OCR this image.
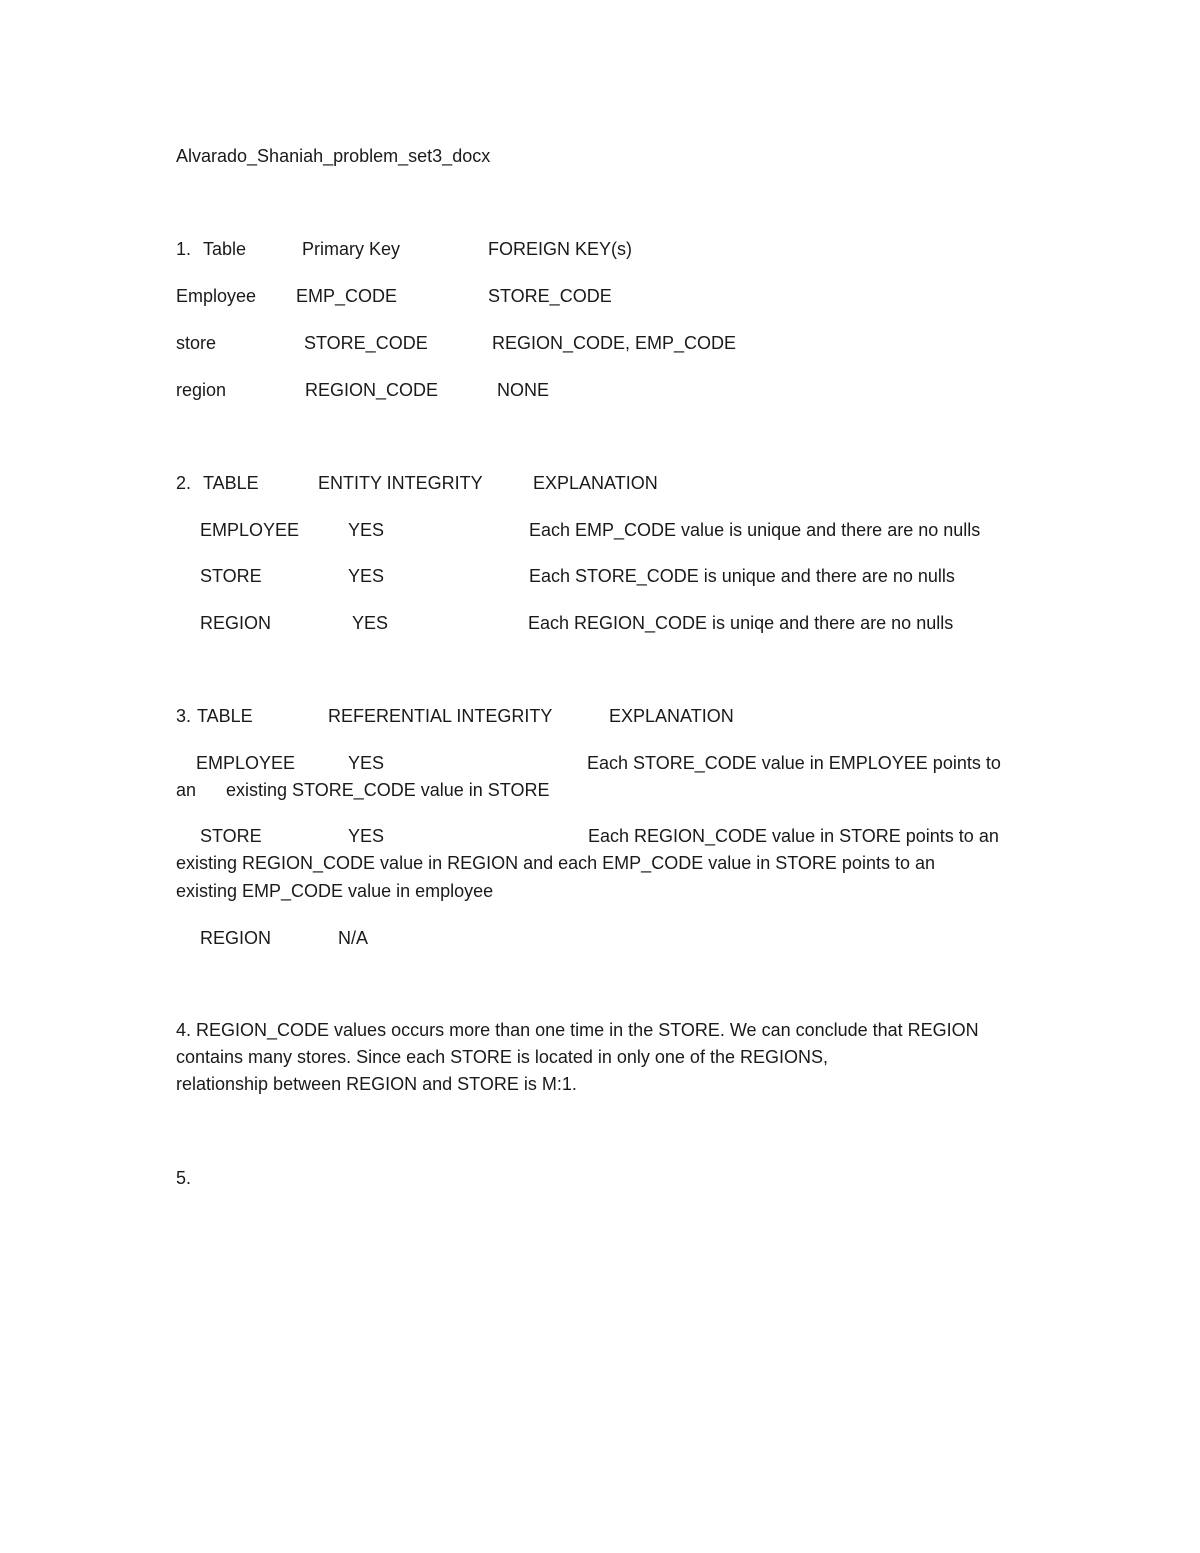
Alvarado_Shaniah_problem_set3_docx
1. Table	Primary Key	FOREIGN KEY(s)
Employee EMP_CODE	STORE_CODE
store	STORE_CODE	REGION_CODE, EMP_CODE
region	REGION_CODE	NONE
2. TABLE	ENTITY INTEGRITY	EXPLANATION
EMPLOYEE	YES	Each EMP_CODE value is unique and there are no nulls
STORE	YES	Each STORE_CODE is unique and there are no nulls
REGION	YES	Each REGION_CODE is uniqe and there are no nulls
3. TABLE	REFERENTIAL INTEGRITY	EXPLANATION
EMPLOYEE	YES	Each STORE_CODE value in EMPLOYEE points to
an      existing STORE_CODE value in STORE
STORE	YES	Each REGION_CODE value in STORE points to an
existing REGION_CODE value in REGION and each EMP_CODE value in STORE points to an
existing EMP_CODE value in employee
REGION	N/A
4. REGION_CODE values occurs more than one time in the STORE. We can conclude that REGION
contains many stores. Since each STORE is located in only one of the REGIONS,
relationship between REGION and STORE is M:1.
5.
